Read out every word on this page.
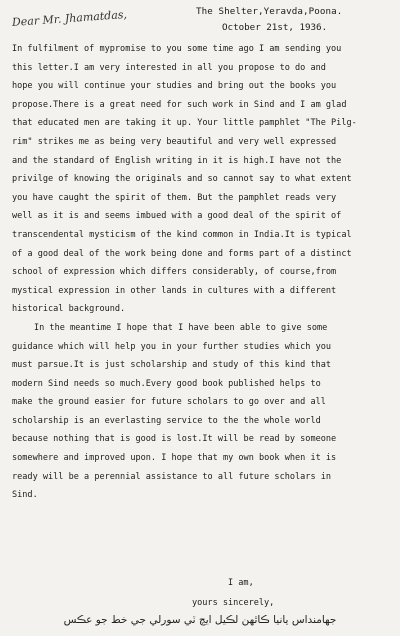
The Shelter,Yeravda,Poona.
October 21st, 1936.
Dear Mr. Jhamatdas,
In fulfilment of mypromise to you some time ago I am sending you
this letter.I am very interested in all you propose to do and
hope you will continue your studies and bring out the books you
propose.There is a great need for such work in Sind and I am glad
that educated men are taking it up. Your little pamphlet "The Pilg-
rim" strikes me as being very beautiful and very well expressed
and the standard of English writing in it is high.I have not the
privilge of knowing the originals and so cannot say to what extent
you have caught the spirit of them. But the pamphlet reads very
well as it is and seems imbued with a good deal of the spirit of
transcendental mysticism of the kind common in India.It is typical
of a good deal of the work being done and forms part of a distinct
school of expression which differs considerably, of course,from
mystical expression in other lands in cultures with a different
historical background.
In the meantime I hope that I have been able to give some
guidance which will help you in your further studies which you
must parsue.It is just scholarship and study of this kind that
modern Sind needs so much.Every good book published helps to
make the ground easier for future scholars to go over and all
scholarship is an everlasting service to the the whole world
because nothing that is good is lost.It will be read by someone
somewhere and improved upon. I hope that my own book when it is
ready will be a perennial assistance to all future scholars in
Sind.
I am,
yours sincerely,
جهامنداس يانيا ڪاٿهن لڪيل ايچ ٽي سورلي جي خط جو عڪس
